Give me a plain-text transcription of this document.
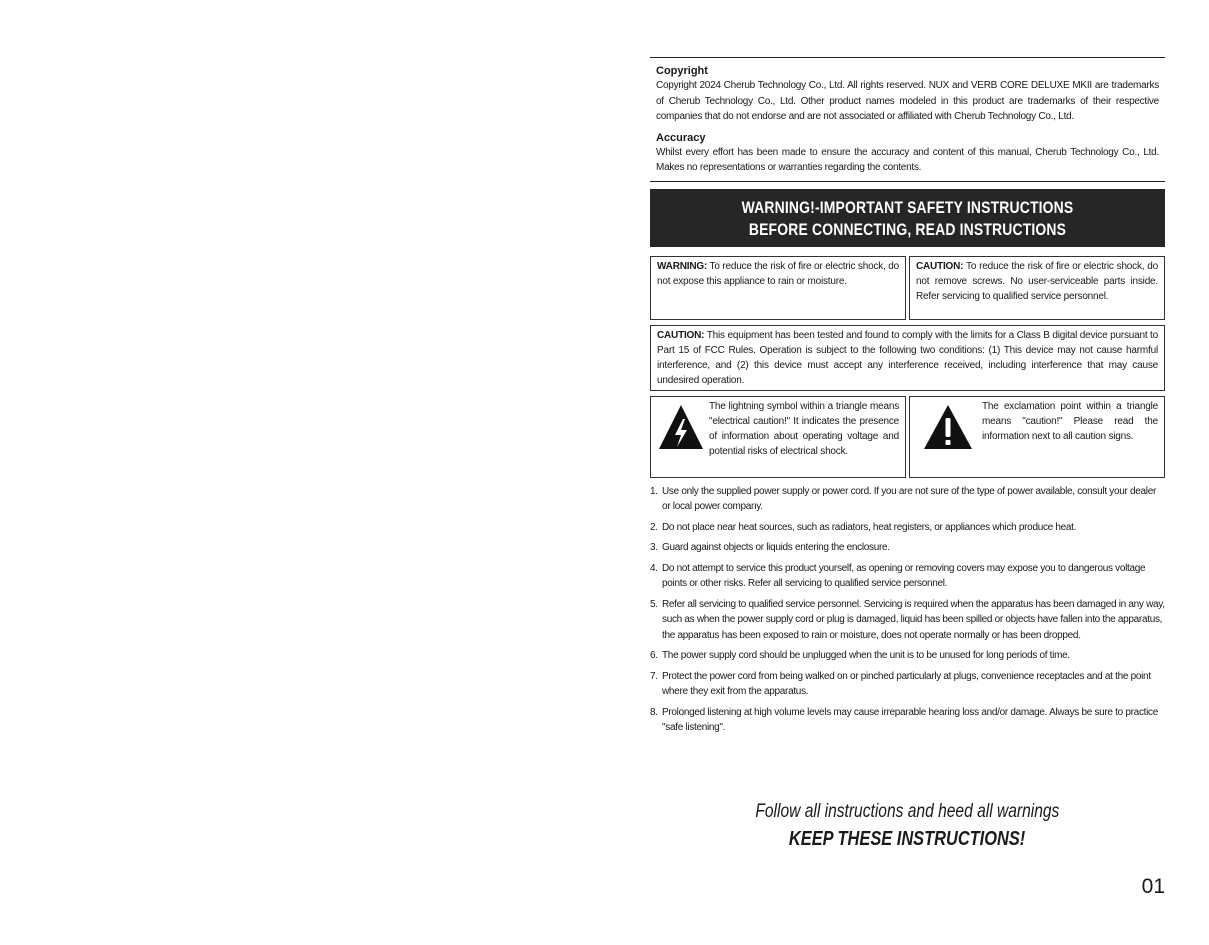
Copyright
Copyright 2024 Cherub Technology Co., Ltd. All rights reserved. NUX and VERB CORE DELUXE MKII are trademarks of Cherub Technology Co., Ltd. Other product names modeled in this product are trademarks of their respective companies that do not endorse and are not associated or affiliated with Cherub Technology Co., Ltd.
Accuracy
Whilst every effort has been made to ensure the accuracy and content of this manual, Cherub Technology Co., Ltd. Makes no representations or warranties regarding the contents.
WARNING!-IMPORTANT SAFETY INSTRUCTIONS
BEFORE CONNECTING, READ INSTRUCTIONS
WARNING: To reduce the risk of fire or electric shock, do not expose this appliance to rain or moisture.
CAUTION: To reduce the risk of fire or electric shock, do not remove screws. No user-serviceable parts inside. Refer servicing to qualified service personnel.
CAUTION: This equipment has been tested and found to comply with the limits for a Class B digital device pursuant to Part 15 of FCC Rules. Operation is subject to the following two conditions: (1) This device may not cause harmful interference, and (2) this device must accept any interference received, including interference that may cause undesired operation.
The lightning symbol within a triangle means "electrical caution!" It indicates the presence of information about operating voltage and potential risks of electrical shock.
The exclamation point within a triangle means "caution!" Please read the information next to all caution signs.
1. Use only the supplied power supply or power cord. If you are not sure of the type of power available, consult your dealer or local power company.
2. Do not place near heat sources, such as radiators, heat registers, or appliances which produce heat.
3. Guard against objects or liquids entering the enclosure.
4. Do not attempt to service this product yourself, as opening or removing covers may expose you to dangerous voltage points or other risks. Refer all servicing to qualified service personnel.
5. Refer all servicing to qualified service personnel. Servicing is required when the apparatus has been damaged in any way, such as when the power supply cord or plug is damaged, liquid has been spilled or objects have fallen into the apparatus, the apparatus has been exposed to rain or moisture, does not operate normally or has been dropped.
6. The power supply cord should be unplugged when the unit is to be unused for long periods of time.
7. Protect the power cord from being walked on or pinched particularly at plugs, convenience receptacles and at the point where they exit from the apparatus.
8. Prolonged listening at high volume levels may cause irreparable hearing loss and/or damage. Always be sure to practice "safe listening".
Follow all instructions and heed all warnings
KEEP THESE INSTRUCTIONS!
01
